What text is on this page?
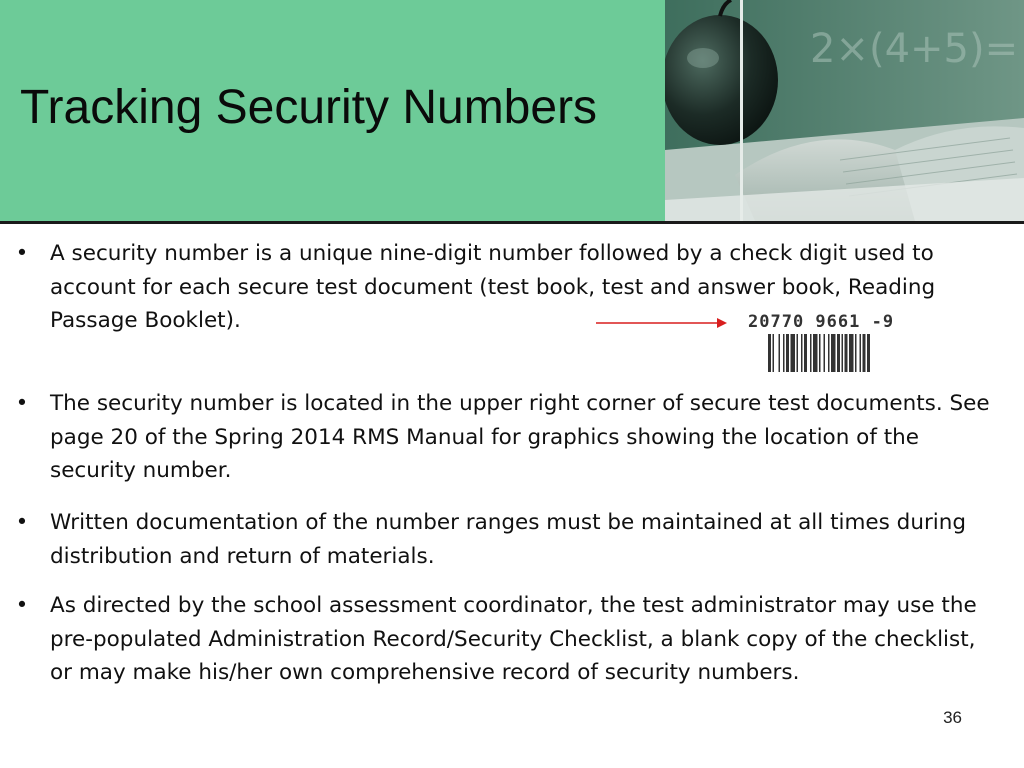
Tracking Security Numbers
2×(4+5)=
• A security number is a unique nine-digit number followed by a check digit used to account for each secure test document (test book, test and answer book, Reading Passage Booklet).
• The security number is located in the upper right corner of secure test documents. See page 20 of the Spring 2014 RMS Manual for graphics showing the location of the security number.
• Written documentation of the number ranges must be maintained at all times during distribution and return of materials.
• As directed by the school assessment coordinator, the test administrator may use the pre-populated Administration Record/Security Checklist, a blank copy of the checklist, or may make his/her own comprehensive record of security numbers.
20770 9661 -9
36
